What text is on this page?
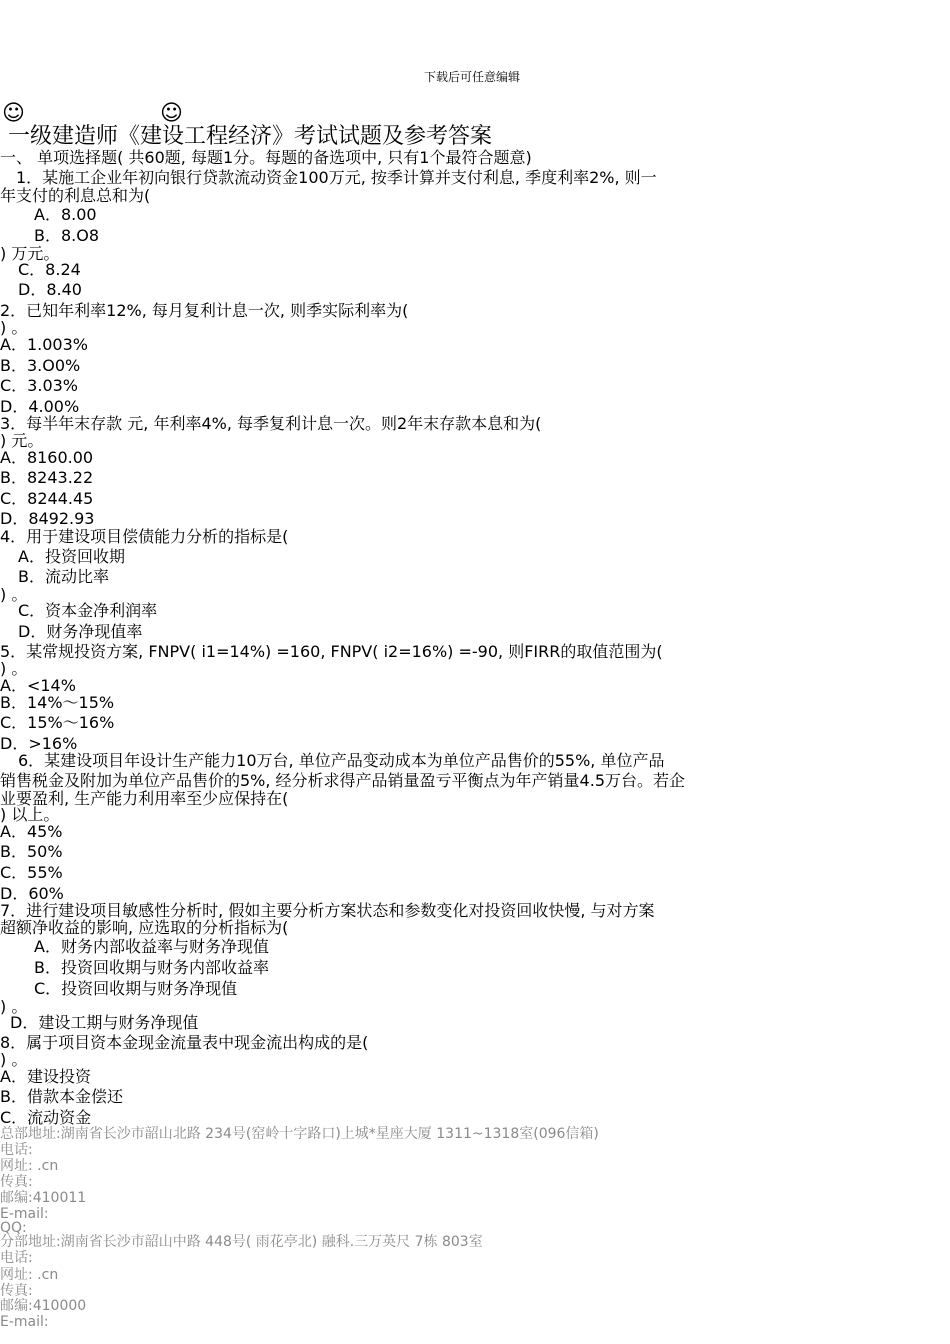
下载后可任意编辑
☺	☺
一级建造师《建设工程经济》考试试题及参考答案
一、 单项选择题( 共60题, 每题1分。每题的备选项中, 只有1个最符合题意)
1．某施工企业年初向银行贷款流动资金100万元, 按季计算并支付利息, 季度利率2%, 则一
年支付的利息总和为(
A．8.00
B．8.O8
) 万元。
C．8.24
D．8.40
2．已知年利率12%, 每月复利计息一次, 则季实际利率为(
) 。
A．1.003%
B．3.O0%
C．3.03%
D．4.00%
3．每半年末存款 元, 年利率4%, 每季复利计息一次。则2年末存款本息和为(
) 元。
A．8160.00
B．8243.22
C．8244.45
D．8492.93
4．用于建设项目偿债能力分析的指标是(
A．投资回收期
B．流动比率
) 。
C．资本金净利润率
D．财务净现值率
5．某常规投资方案, FNPV( i1=14%) =160, FNPV( i2=16%) =-90, 则FIRR的取值范围为(
) 。
A．<14%
B．14%～15%
C．15%～16%
D．>16%
6．某建设项目年设计生产能力10万台, 单位产品变动成本为单位产品售价的55%, 单位产品
销售税金及附加为单位产品售价的5%, 经分析求得产品销量盈亏平衡点为年产销量4.5万台。若企
业要盈利, 生产能力利用率至少应保持在(
) 以上。
A．45%
B．50%
C．55%
D．60%
7．进行建设项目敏感性分析时, 假如主要分析方案状态和参数变化对投资回收快慢, 与对方案
超额净收益的影响, 应选取的分析指标为(
A．财务内部收益率与财务净现值
B．投资回收期与财务内部收益率
C．投资回收期与财务净现值
) 。
D．建设工期与财务净现值
8．属于项目资本金现金流量表中现金流出构成的是(
) 。
A．建设投资
B．借款本金偿还
C．流动资金
总部地址:湖南省长沙市韶山北路 234号(窑岭十字路口)上城*星座大厦 1311~1318室(096信箱)
电话:
网址: .cn
传真:
邮编:410011
E-mail:
QQ:
分部地址:湖南省长沙市韶山中路 448号( 雨花亭北) 融科.三万英尺 7栋 803室
电话:
网址: .cn
传真:
邮编:410000
E-mail:
